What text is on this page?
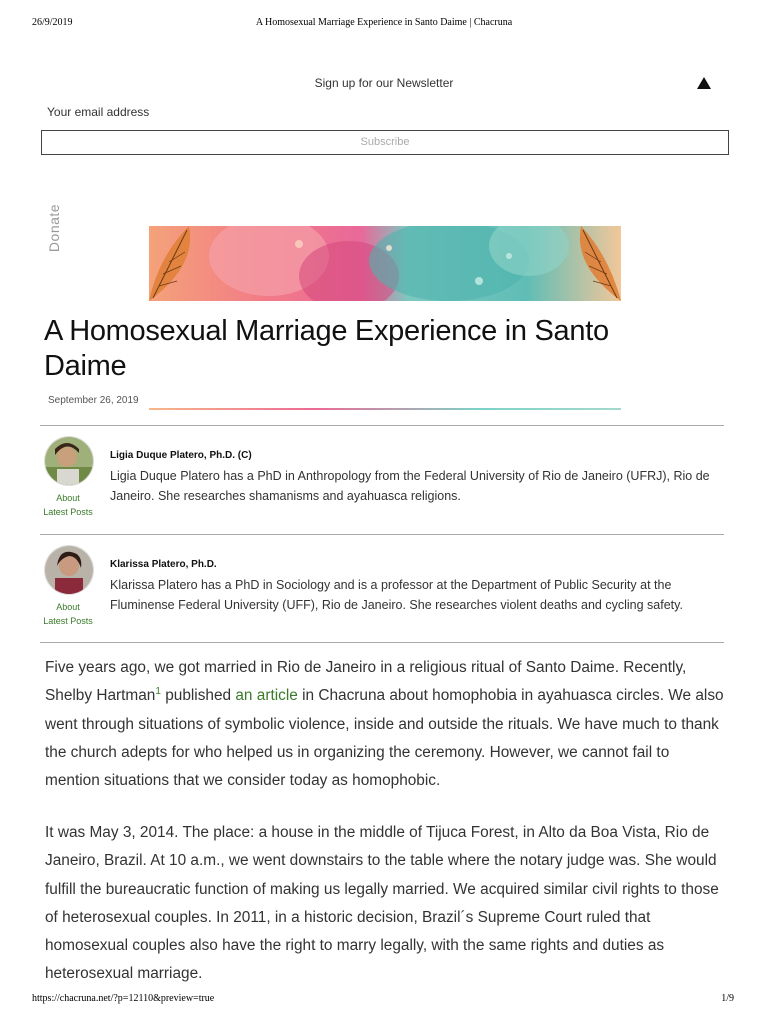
26/9/2019	A Homosexual Marriage Experience in Santo Daime | Chacruna
Sign up for our Newsletter
Your email address
Subscribe
Donate
A Homosexual Marriage Experience in Santo Daime
September 26, 2019
About
Latest Posts
Ligia Duque Platero, Ph.D. (C)
Ligia Duque Platero has a PhD in Anthropology from the Federal University of Rio de Janeiro (UFRJ), Rio de Janeiro. She researches shamanisms and ayahuasca religions.
About
Latest Posts
Klarissa Platero, Ph.D.
Klarissa Platero has a PhD in Sociology and is a professor at the Department of Public Security at the Fluminense Federal University (UFF), Rio de Janeiro. She researches violent deaths and cycling safety.

Five years ago, we got married in Rio de Janeiro in a religious ritual of Santo Daime. Recently, Shelby Hartman$^1$ published an article in Chacruna about homophobia in ayahuasca circles. We also went through situations of symbolic violence, inside and outside the rituals. We have much to thank the church adepts for who helped us in organizing the ceremony. However, we cannot fail to mention situations that we consider today as homophobic.

It was May 3, 2014. The place: a house in the middle of Tijuca Forest, in Alto da Boa Vista, Rio de Janeiro, Brazil. At 10 a.m., we went downstairs to the table where the notary judge was. She would fulfill the bureaucratic function of making us legally married. We acquired similar civil rights to those of heterosexual couples. In 2011, in a historic decision, Brazil´s Supreme Court ruled that homosexual couples also have the right to marry legally, with the same rights and duties as heterosexual marriage.

https://chacruna.net/?p=12110&preview=true	1/9
